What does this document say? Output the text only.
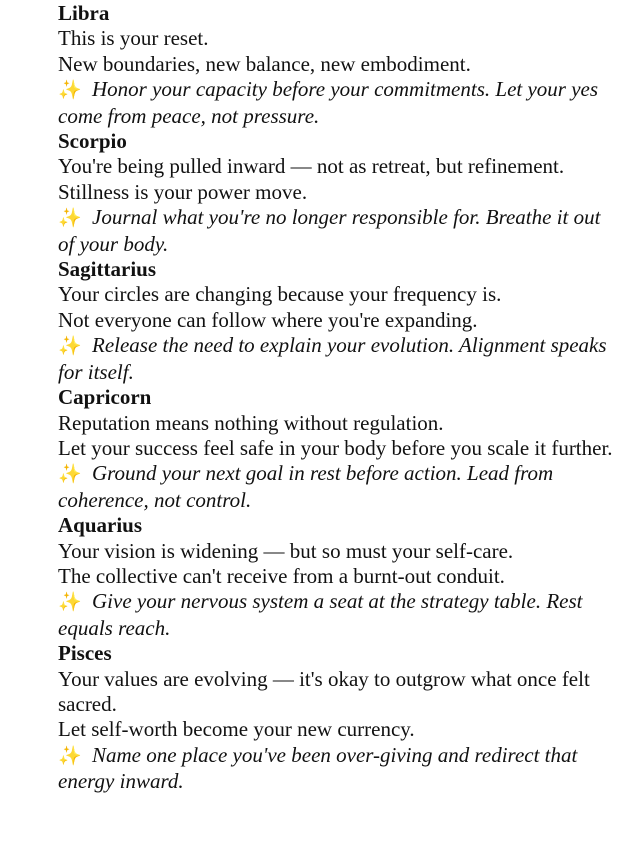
Libra
This is your reset.
New boundaries, new balance, new embodiment.
✨ Honor your capacity before your commitments. Let your yes come from peace, not pressure.
Scorpio
You're being pulled inward — not as retreat, but refinement.
Stillness is your power move.
✨ Journal what you're no longer responsible for. Breathe it out of your body.
Sagittarius
Your circles are changing because your frequency is.
Not everyone can follow where you're expanding.
✨ Release the need to explain your evolution. Alignment speaks for itself.
Capricorn
Reputation means nothing without regulation.
Let your success feel safe in your body before you scale it further.
✨ Ground your next goal in rest before action. Lead from coherence, not control.
Aquarius
Your vision is widening — but so must your self-care.
The collective can't receive from a burnt-out conduit.
✨ Give your nervous system a seat at the strategy table. Rest equals reach.
Pisces
Your values are evolving — it's okay to outgrow what once felt sacred.
Let self-worth become your new currency.
✨ Name one place you've been over-giving and redirect that energy inward.
